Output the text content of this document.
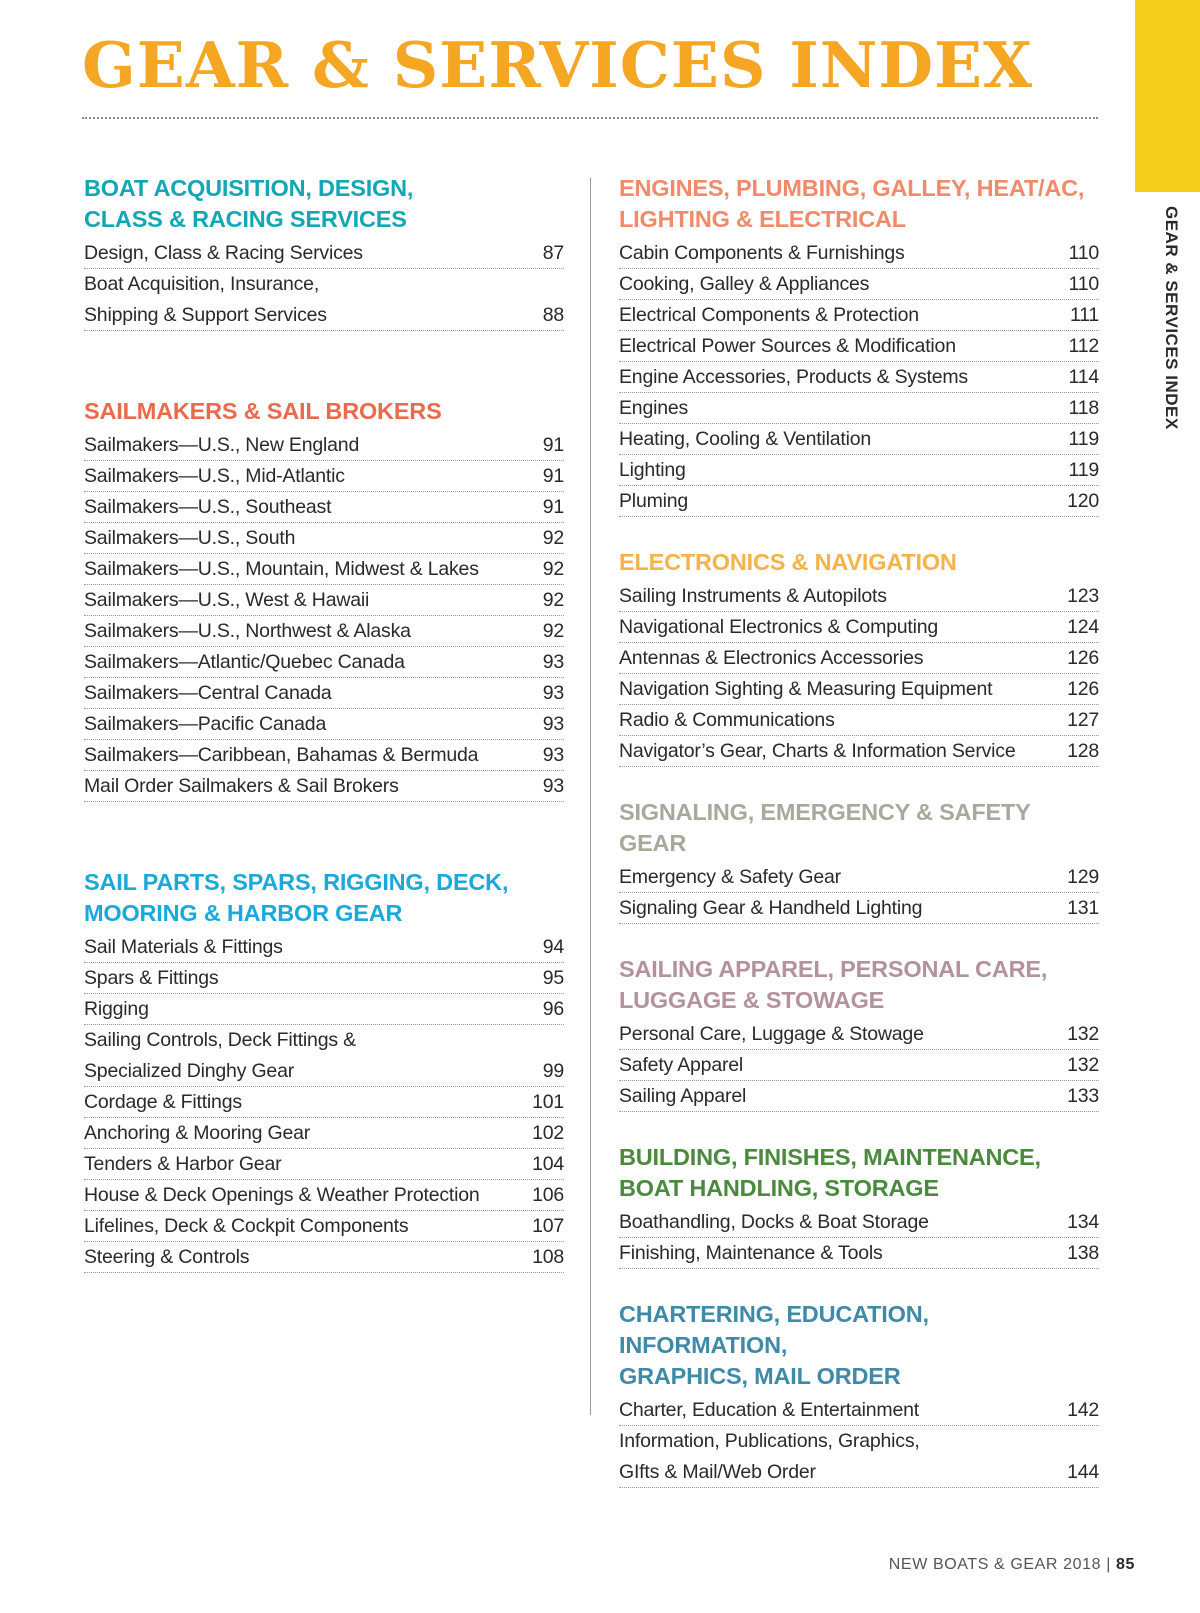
GEAR & SERVICES INDEX
GEAR & SERVICES INDEX
BOAT ACQUISITION, DESIGN,
CLASS & RACING SERVICES
Design, Class & Racing Services	87
Boat Acquisition, Insurance,
Shipping & Support Services	88
SAILMAKERS & SAIL BROKERS
Sailmakers—U.S., New England	91
Sailmakers—U.S., Mid-Atlantic	91
Sailmakers—U.S., Southeast	91
Sailmakers—U.S., South	92
Sailmakers—U.S., Mountain, Midwest & Lakes	92
Sailmakers—U.S., West & Hawaii	92
Sailmakers—U.S., Northwest & Alaska	92
Sailmakers—Atlantic/Quebec Canada	93
Sailmakers—Central Canada	93
Sailmakers—Pacific Canada	93
Sailmakers—Caribbean, Bahamas & Bermuda	93
Mail Order Sailmakers & Sail Brokers	93
SAIL PARTS, SPARS, RIGGING, DECK,
MOORING & HARBOR GEAR
Sail Materials & Fittings	94
Spars & Fittings	95
Rigging	96
Sailing Controls, Deck Fittings &
Specialized Dinghy Gear	99
Cordage & Fittings	101
Anchoring & Mooring Gear	102
Tenders & Harbor Gear	104
House & Deck Openings & Weather Protection	106
Lifelines, Deck & Cockpit Components	107
Steering & Controls	108
ENGINES, PLUMBING, GALLEY, HEAT/AC,
LIGHTING & ELECTRICAL
Cabin Components & Furnishings	110
Cooking, Galley & Appliances	110
Electrical Components & Protection	111
Electrical Power Sources & Modification	112
Engine Accessories, Products & Systems	114
Engines	118
Heating, Cooling & Ventilation	119
Lighting	119
Pluming	120
ELECTRONICS & NAVIGATION
Sailing Instruments & Autopilots	123
Navigational Electronics & Computing	124
Antennas & Electronics Accessories	126
Navigation Sighting & Measuring Equipment	126
Radio & Communications	127
Navigator’s Gear, Charts & Information Service	128
SIGNALING, EMERGENCY & SAFETY GEAR
Emergency & Safety Gear	129
Signaling Gear & Handheld Lighting	131
SAILING APPAREL, PERSONAL CARE,
LUGGAGE & STOWAGE
Personal Care, Luggage & Stowage	132
Safety Apparel	132
Sailing Apparel	133
BUILDING, FINISHES, MAINTENANCE,
BOAT HANDLING, STORAGE
Boathandling, Docks & Boat Storage	134
Finishing, Maintenance & Tools	138
CHARTERING, EDUCATION, INFORMATION,
GRAPHICS, MAIL ORDER
Charter, Education & Entertainment	142
Information, Publications, Graphics,
GIfts & Mail/Web Order	144
NEW BOATS & GEAR 2018 | 85
